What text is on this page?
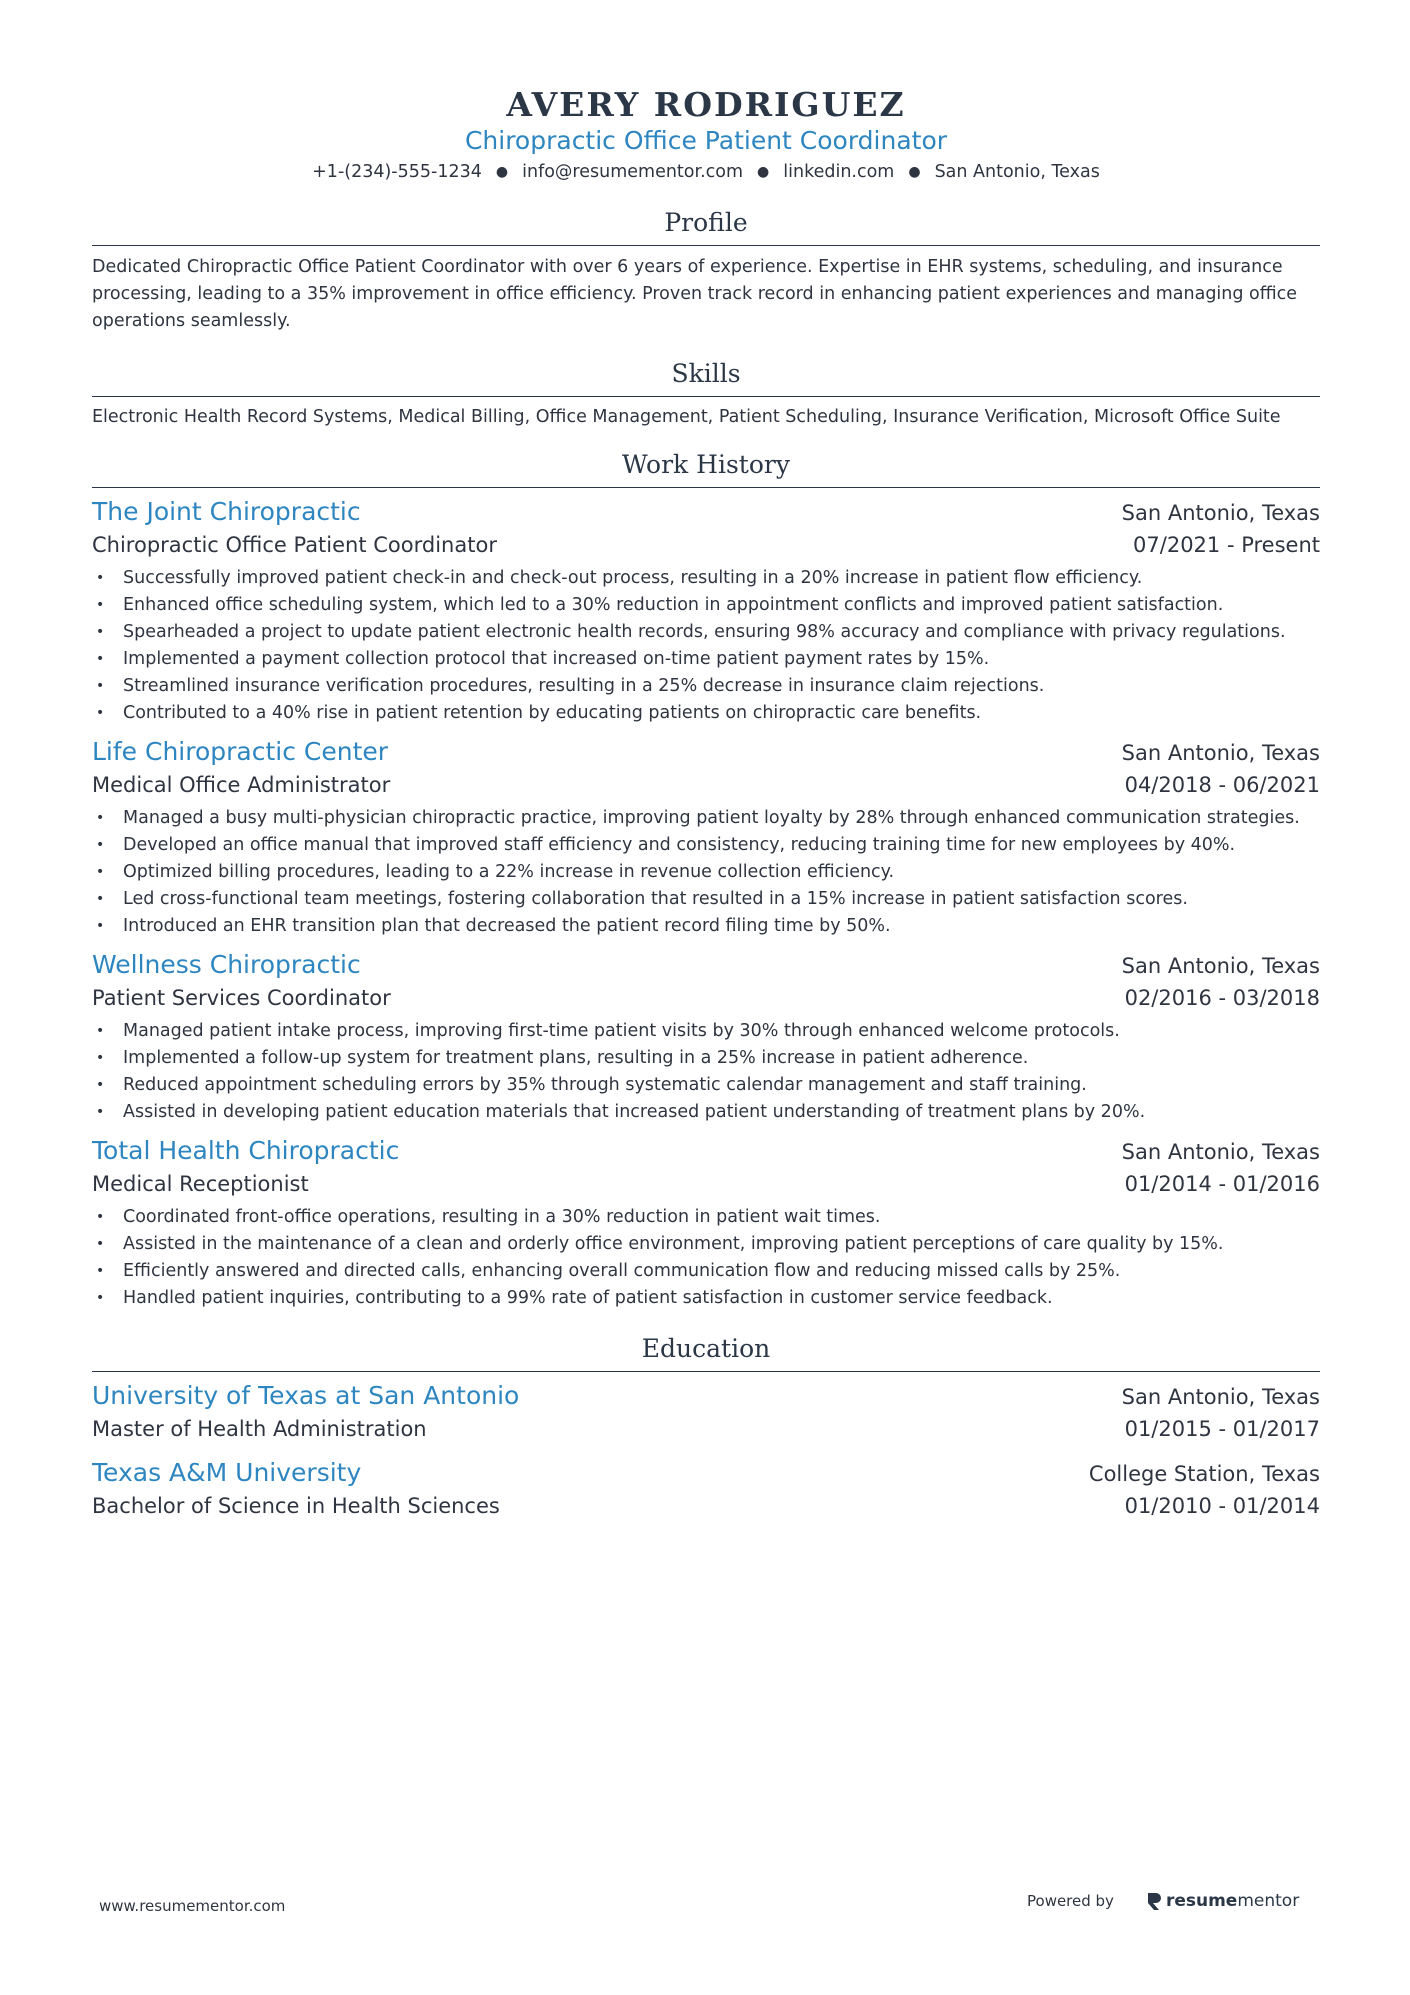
AVERY RODRIGUEZ
Chiropractic Office Patient Coordinator
+1-(234)-555-1234 ● info@resumementor.com ● linkedin.com ● San Antonio, Texas
Profile
Dedicated Chiropractic Office Patient Coordinator with over 6 years of experience. Expertise in EHR systems, scheduling, and insurance processing, leading to a 35% improvement in office efficiency. Proven track record in enhancing patient experiences and managing office operations seamlessly.
Skills
Electronic Health Record Systems, Medical Billing, Office Management, Patient Scheduling, Insurance Verification, Microsoft Office Suite
Work History
The Joint Chiropractic	San Antonio, Texas
Chiropractic Office Patient Coordinator	07/2021 - Present
• Successfully improved patient check-in and check-out process, resulting in a 20% increase in patient flow efficiency.
• Enhanced office scheduling system, which led to a 30% reduction in appointment conflicts and improved patient satisfaction.
• Spearheaded a project to update patient electronic health records, ensuring 98% accuracy and compliance with privacy regulations.
• Implemented a payment collection protocol that increased on-time patient payment rates by 15%.
• Streamlined insurance verification procedures, resulting in a 25% decrease in insurance claim rejections.
• Contributed to a 40% rise in patient retention by educating patients on chiropractic care benefits.
Life Chiropractic Center	San Antonio, Texas
Medical Office Administrator	04/2018 - 06/2021
• Managed a busy multi-physician chiropractic practice, improving patient loyalty by 28% through enhanced communication strategies.
• Developed an office manual that improved staff efficiency and consistency, reducing training time for new employees by 40%.
• Optimized billing procedures, leading to a 22% increase in revenue collection efficiency.
• Led cross-functional team meetings, fostering collaboration that resulted in a 15% increase in patient satisfaction scores.
• Introduced an EHR transition plan that decreased the patient record filing time by 50%.
Wellness Chiropractic	San Antonio, Texas
Patient Services Coordinator	02/2016 - 03/2018
• Managed patient intake process, improving first-time patient visits by 30% through enhanced welcome protocols.
• Implemented a follow-up system for treatment plans, resulting in a 25% increase in patient adherence.
• Reduced appointment scheduling errors by 35% through systematic calendar management and staff training.
• Assisted in developing patient education materials that increased patient understanding of treatment plans by 20%.
Total Health Chiropractic	San Antonio, Texas
Medical Receptionist	01/2014 - 01/2016
• Coordinated front-office operations, resulting in a 30% reduction in patient wait times.
• Assisted in the maintenance of a clean and orderly office environment, improving patient perceptions of care quality by 15%.
• Efficiently answered and directed calls, enhancing overall communication flow and reducing missed calls by 25%.
• Handled patient inquiries, contributing to a 99% rate of patient satisfaction in customer service feedback.
Education
University of Texas at San Antonio	San Antonio, Texas
Master of Health Administration	01/2015 - 01/2017
Texas A&M University	College Station, Texas
Bachelor of Science in Health Sciences	01/2010 - 01/2014
www.resumementor.com	Powered by	resume mentor
